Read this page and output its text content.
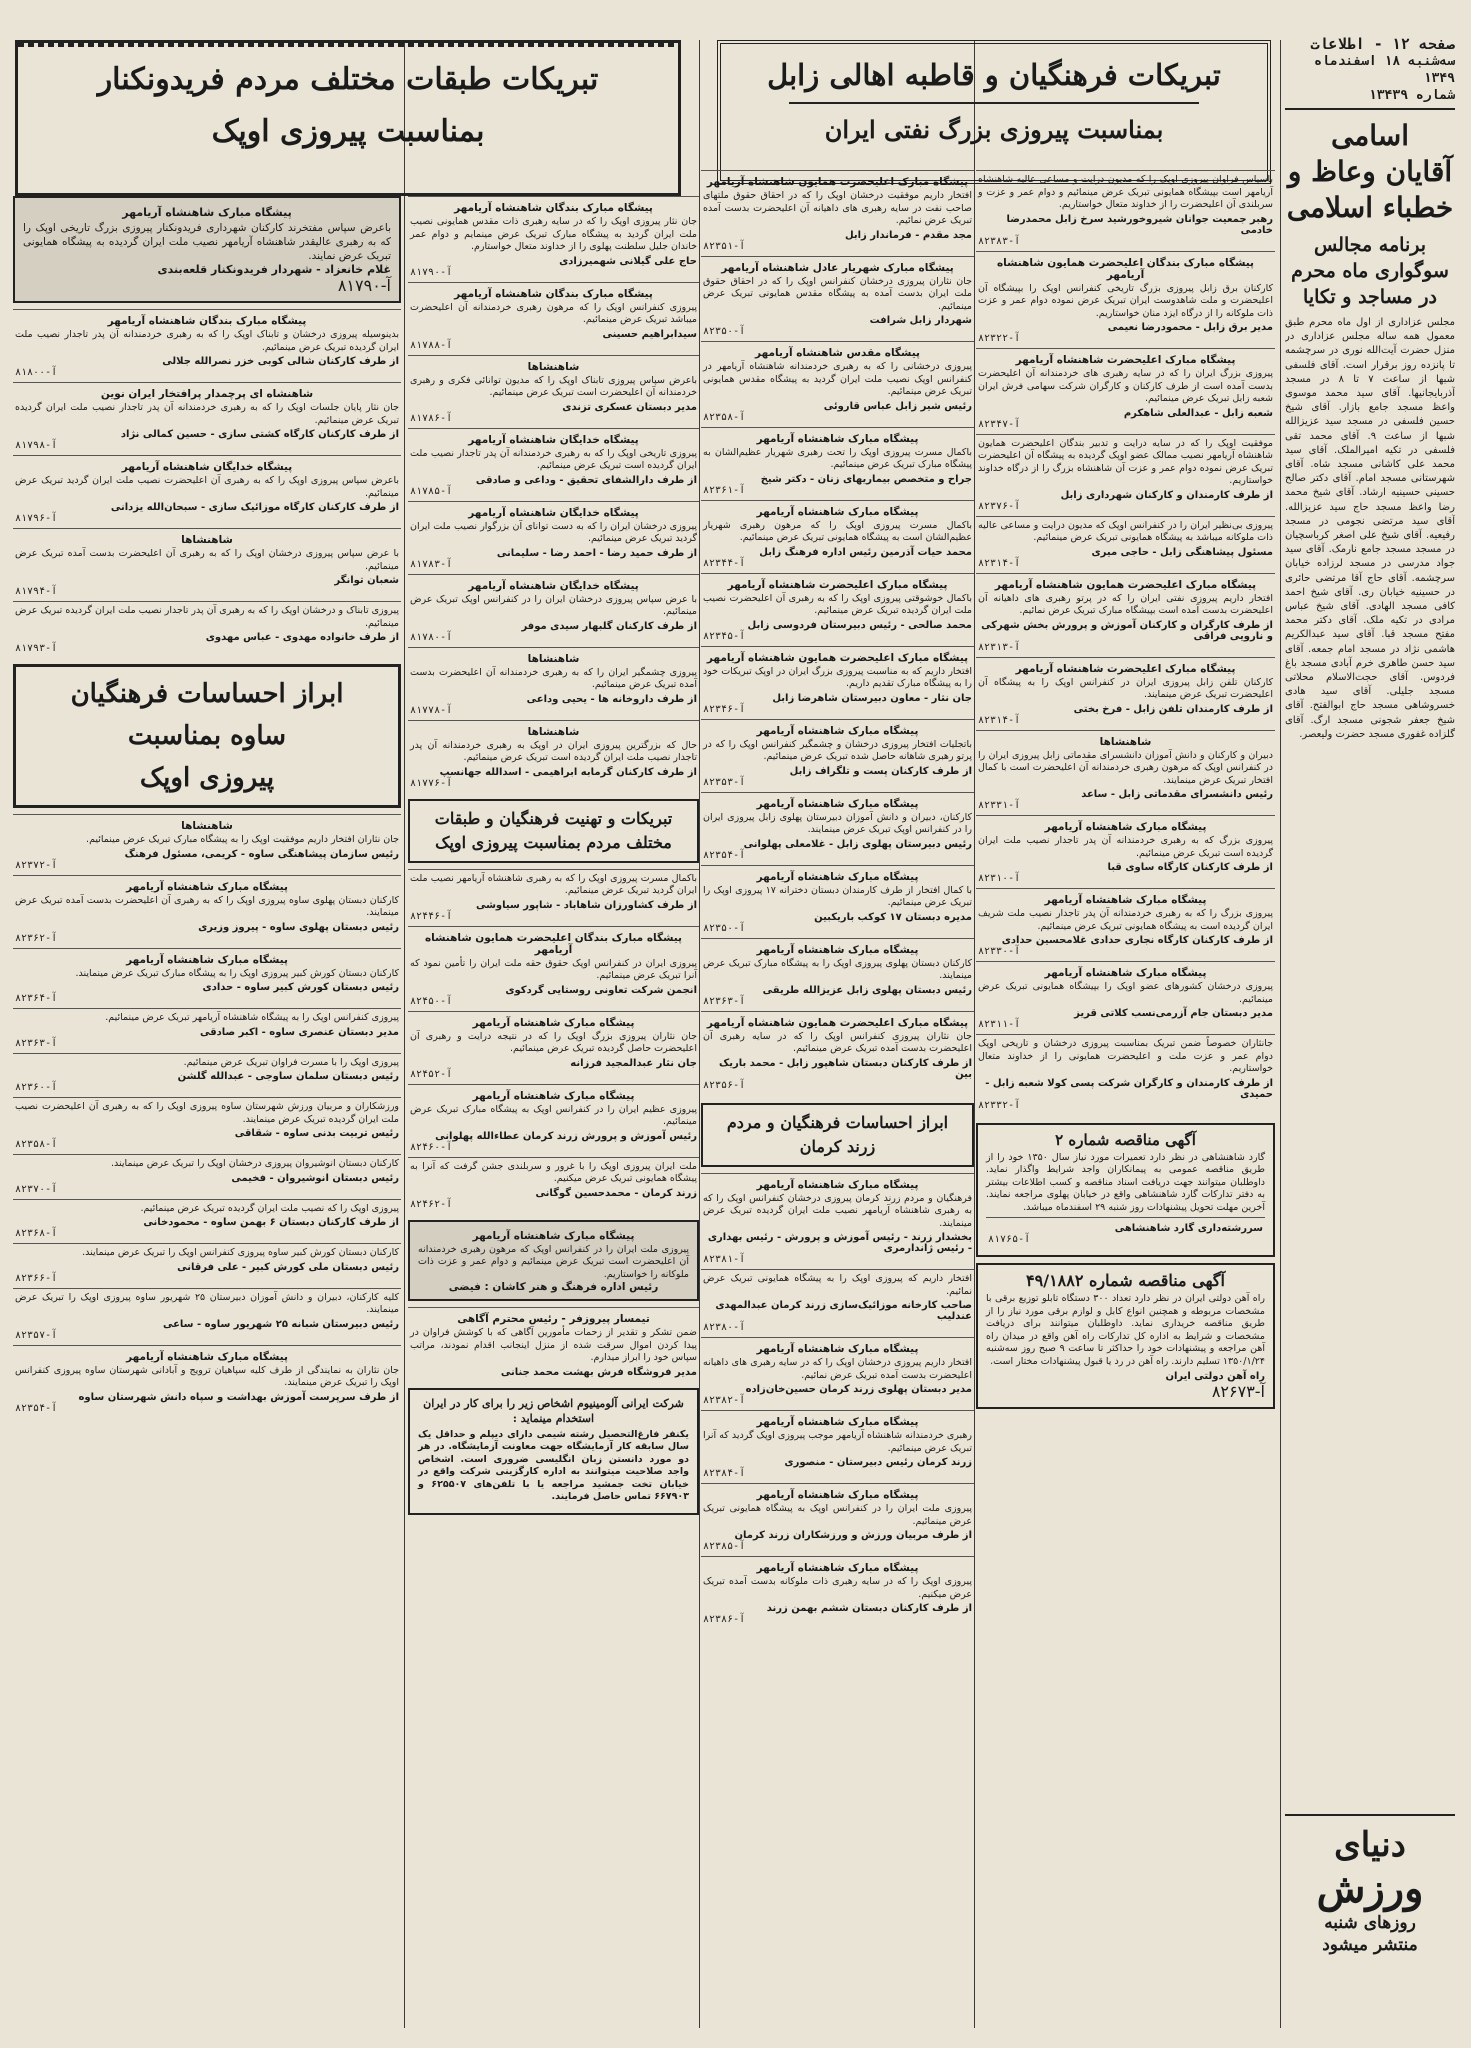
صفحه ۱۲ - اطلاعات
سه‌شنبه ۱۸ اسفندماه ۱۳۴۹
شماره ۱۳۴۳۹
اسامی
آقایان وعاظ و
خطباء اسلامی
برنامه مجالس
سوگواری ماه محرم
در مساجد و تکایا

مجلس عزاداری از اول ماه محرم طبق معمول همه ساله مجلس عزاداری در منزل حضرت آیت‌الله نوری در سرچشمه تا پانزده روز برقرار است. آقای فلسفی شبها از ساعت ۷ تا ۸ در مسجد آذربایجانیها. آقای سید محمد موسوی واعظ مسجد جامع بازار. آقای شیخ حسین فلسفی در مسجد سید عزیزالله شبها از ساعت ۹. آقای محمد تقی فلسفی در تکیه امیرالملک. آقای سید محمد علی کاشانی مسجد شاه. آقای شهرستانی مسجد امام. آقای دکتر صالح حسینی حسینیه ارشاد. آقای شیخ محمد رضا واعظ مسجد حاج سید عزیزالله. آقای سید مرتضی نجومی در مسجد رفیعیه. آقای شیخ علی اصغر کرباسچیان در مسجد مسجد جامع نارمک. آقای سید جواد مدرسی در مسجد لرزاده خیابان سرچشمه. آقای حاج آقا مرتضی حائری در حسینیه خیابان ری. آقای شیخ احمد کافی مسجد الهادی. آقای شیخ عباس مرادی در تکیه ملک. آقای دکتر محمد مفتح مسجد قبا. آقای سید عبدالکریم هاشمی نژاد در مسجد امام جمعه. آقای سید حسن طاهری خرم آبادی مسجد باغ فردوس. آقای حجت‌الاسلام محلاتی مسجد جلیلی. آقای سید هادی خسروشاهی مسجد حاج ابوالفتح. آقای شیخ جعفر شجونی مسجد ارگ. آقای گلزاده غفوری مسجد حضرت ولیعصر.

دنیای
ورزش
روزهای شنبه
منتشر میشود
تبریکات فرهنگیان و قاطبه اهالی زابل
بمناسبت پیروزی بزرگ نفتی ایران
تبریکات طبقات مختلف مردم فریدونکنار
بمناسبت پیروزی اوپک

باسپاس فراوان پیروزی اوپک را که مدیون درایت و مساعی عالیه شاهنشاه آریامهر است بپیشگاه همایونی تبریک عرض مینمائیم و دوام عمر و عزت و سربلندی آن اعلیحضرت را از خداوند متعال خواستاریم.

رهبر جمعیت جوانان شیروخورشید سرخ زابل محمدرضا خادمی
آ-۸۲۳۸۳
پیشگاه مبارک بندگان اعلیحضرت همایون شاهنشاه آریامهر

کارکنان برق زابل پیروزی بزرگ تاریخی کنفرانس اوپک را بپیشگاه آن اعلیحضرت و ملت شاهدوست ایران تبریک عرض نموده دوام عمر و عزت ذات ملوکانه را از درگاه ایزد منان خواستاریم.

مدیر برق زابل - محمودرضا نعیمی
آ-۸۲۳۲۲
پیشگاه مبارک اعلیحضرت شاهنشاه آریامهر

پیروزی بزرگ ایران را که در سایه رهبری های خردمندانه آن اعلیحضرت بدست آمده است از طرف کارکنان و کارگران شرکت سهامی فرش ایران شعبه زابل تبریک عرض مینمائیم.

شعبه زابل - عبدالعلی شاهکرم
آ-۸۲۳۴۷

موفقیت اوپک را که در سایه درایت و تدبیر بندگان اعلیحضرت همایون شاهنشاه آریامهر نصیب ممالک عضو اوپک گردیده به پیشگاه آن اعلیحضرت تبریک عرض نموده دوام عمر و عزت آن شاهنشاه بزرگ را از درگاه خداوند خواستاریم.

از طرف کارمندان و کارکنان شهرداری زابل
آ-۸۲۳۷۶

پیروزی بی‌نظیر ایران را در کنفرانس اوپک که مدیون درایت و مساعی عالیه ذات ملوکانه میباشد به پیشگاه همایونی تبریک عرض مینمائیم.

مسئول پیشاهنگی زابل - حاجی میری
آ-۸۲۳۱۴
پیشگاه مبارک اعلیحضرت همایون شاهنشاه آریامهر

افتخار داریم پیروزی نفتی ایران را که در پرتو رهبری های داهیانه آن اعلیحضرت بدست آمده است بپیشگاه مبارک تبریک عرض نمائیم.

از طرف کارگران و کارکنان آموزش و پرورش بخش شهرکی و نارویی فراقی
آ-۸۲۳۱۳
پیشگاه مبارک اعلیحضرت شاهنشاه آریامهر

کارکنان تلفن زابل پیروزی ایران در کنفرانس اوپک را به پیشگاه آن اعلیحضرت تبریک عرض مینمایند.

از طرف کارمندان تلفن زابل - فرخ بختی
آ-۸۲۳۱۴
شاهنشاها

دبیران و کارکنان و دانش آموزان دانشسرای مقدماتی زابل پیروزی ایران را در کنفرانس اوپک که مرهون رهبری خردمندانه آن اعلیحضرت است با کمال افتخار تبریک عرض مینمایند.

رئیس دانشسرای مقدماتی زابل - ساعد
آ-۸۲۳۳۱
پیشگاه مبارک شاهنشاه آریامهر

پیروزی بزرگ که به رهبری خردمندانه آن پدر تاجدار نصیب ملت ایران گردیده است تبریک عرض مینمائیم.

از طرف کارکنان کارگاه ساوی قبا
آ-۸۲۳۱۰
پیشگاه مبارک شاهنشاه آریامهر

پیروزی بزرگ را که به رهبری خردمندانه آن پدر تاجدار نصیب ملت شریف ایران گردیده است به پیشگاه همایونی تبریک عرض مینمائیم.

از طرف کارکنان کارگاه نجاری حدادی غلامحسین حدادی
آ-۸۲۳۳۰
پیشگاه مبارک شاهنشاه آریامهر

پیروزی درخشان کشورهای عضو اوپک را بپیشگاه همایونی تبریک عرض مینمائیم.

مدیر دبستان جام آزرمی‌نسب کلاتی قریز
آ-۸۲۳۱۱

جانثاران خصوصاً ضمن تبریک بمناسبت پیروزی درخشان و تاریخی اوپک دوام عمر و عزت ملت و اعلیحضرت همایونی را از خداوند متعال خواستاریم.

از طرف کارمندان و کارگران شرکت پسی کولا شعبه زابل - حمیدی
آ-۸۲۳۳۲
آگهی مناقصه شماره ۲

گارد شاهنشاهی در نظر دارد تعمیرات مورد نیاز سال ۱۳۵۰ خود را از طریق مناقصه عمومی به پیمانکاران واجد شرایط واگذار نماید. داوطلبان میتوانند جهت دریافت اسناد مناقصه و کسب اطلاعات بیشتر به دفتر تدارکات گارد شاهنشاهی واقع در خیابان پهلوی مراجعه نمایند. آخرین مهلت تحویل پیشنهادات روز شنبه ۲۹ اسفندماه میباشد.

سررشته‌داری گارد شاهنشاهی
آ-۸۱۷۶۵
آگهی مناقصه شماره ۴۹/۱۸۸۲

راه آهن دولتی ایران در نظر دارد تعداد ۳۰۰ دستگاه تابلو توزیع برقی با مشخصات مربوطه و همچنین انواع کابل و لوازم برقی مورد نیاز را از طریق مناقصه خریداری نماید. داوطلبان میتوانند برای دریافت مشخصات و شرایط به اداره کل تدارکات راه آهن واقع در میدان راه آهن مراجعه و پیشنهادات خود را حداکثر تا ساعت ۹ صبح روز سه‌شنبه ۱۳۵۰/۱/۲۴ تسلیم دارند. راه آهن در رد یا قبول پیشنهادات مختار است.

راه آهن دولتی ایران
آ-۸۲۶۷۳
پیشگاه مبارک اعلیحضرت همایون شاهنشاه آریامهر

افتخار داریم موفقیت درخشان اوپک را که در احقاق حقوق ملتهای صاحب نفت در سایه رهبری های داهیانه آن اعلیحضرت بدست آمده تبریک عرض نمائیم.

مجد مقدم - فرماندار زابل
آ-۸۲۳۵۱
پیشگاه مبارک شهریار عادل شاهنشاه آریامهر

جان نثاران پیروزی درخشان کنفرانس اوپک را که در احقاق حقوق ملت ایران بدست آمده به پیشگاه مقدس همایونی تبریک عرض مینمائیم.

شهردار زابل شرافت
آ-۸۲۳۵۰
پیشگاه مقدس شاهنشاه آریامهر

پیروزی درخشانی را که به رهبری خردمندانه شاهنشاه آریامهر در کنفرانس اوپک نصیب ملت ایران گردید به پیشگاه مقدس همایونی تبریک عرض مینمائیم.

رئیس شیر زابل عباس قاروئی
آ-۸۲۳۵۸
پیشگاه مبارک شاهنشاه آریامهر

باکمال مسرت پیروزی اوپک را تحت رهبری شهریار عظیم‌الشان به پیشگاه مبارک تبریک عرض مینمائیم.

جراح و متخصص بیماریهای زنان - دکتر شیخ
آ-۸۲۳۶۱
پیشگاه مبارک شاهنشاه آریامهر

باکمال مسرت پیروزی اوپک را که مرهون رهبری شهریار عظیم‌الشان است به پیشگاه همایونی تبریک عرض مینمائیم.

محمد حیات آذرمین رئیس اداره فرهنگ زابل
آ-۸۲۳۴۴
پیشگاه مبارک اعلیحضرت شاهنشاه آریامهر

باکمال خوشوقتی پیروزی اوپک را که به رهبری آن اعلیحضرت نصیب ملت ایران گردیده تبریک عرض مینمائیم.

محمد صالحی - رئیس دبیرستان فردوسی زابل
آ-۸۲۳۴۵
پیشگاه مبارک اعلیحضرت همایون شاهنشاه آریامهر

افتخار داریم که به مناسبت پیروزی بزرگ ایران در اوپک تبریکات خود را به پیشگاه مبارک تقدیم داریم.

جان نثار - معاون دبیرستان شاهرضا زابل
آ-۸۲۳۴۶
پیشگاه مبارک شاهنشاه آریامهر

باتجلیات افتخار پیروزی درخشان و چشمگیر کنفرانس اوپک را که در پرتو رهبری شاهانه حاصل شده تبریک عرض مینمائیم.

از طرف کارکنان پست و تلگراف زابل
آ-۸۲۳۵۳
پیشگاه مبارک شاهنشاه آریامهر

کارکنان، دبیران و دانش آموزان دبیرستان پهلوی زابل پیروزی ایران را در کنفرانس اوپک تبریک عرض مینمایند.

رئیس دبیرستان پهلوی زابل - غلامعلی پهلوانی
آ-۸۲۳۵۴
پیشگاه مبارک شاهنشاه آریامهر

با کمال افتخار از طرف کارمندان دبستان دخترانه ۱۷ پیروزی اوپک را تبریک عرض مینمائیم.

مدیره دبستان ۱۷ کوکب باریکبین
آ-۸۲۳۵۰
پیشگاه مبارک شاهنشاه آریامهر

کارکنان دبستان پهلوی پیروزی اوپک را به پیشگاه مبارک تبریک عرض مینمایند.

رئیس دبستان پهلوی زابل عزیزالله طریقی
آ-۸۲۳۶۳
پیشگاه مبارک اعلیحضرت همایون شاهنشاه آریامهر

جان نثاران پیروزی کنفرانس اوپک را که در سایه رهبری آن اعلیحضرت بدست آمده تبریک عرض مینمائیم.

از طرف کارکنان دبستان شاهپور زابل - محمد باریک بین
آ-۸۲۳۵۶
ابراز احساسات فرهنگیان و مردم زرند کرمان
پیشگاه مبارک شاهنشاه آریامهر

فرهنگیان و مردم زرند کرمان پیروزی درخشان کنفرانس اوپک را که به رهبری شاهنشاه آریامهر نصیب ملت ایران گردیده تبریک عرض مینمایند.

بخشدار زرند - رئیس آموزش و پرورش - رئیس بهداری - رئیس ژاندارمری
آ-۸۲۳۸۱

افتخار داریم که پیروزی اوپک را به پیشگاه همایونی تبریک عرض نمائیم.

صاحب کارخانه موزائیک‌سازی زرند کرمان عبدالمهدی عندلیب
آ-۸۲۳۸۰
پیشگاه مبارک شاهنشاه آریامهر

افتخار داریم پیروزی درخشان اوپک را که در سایه رهبری های داهیانه اعلیحضرت بدست آمده تبریک عرض نمائیم.

مدیر دبستان پهلوی زرند کرمان حسین‌خان‌زاده
آ-۸۲۳۸۲
پیشگاه مبارک شاهنشاه آریامهر

رهبری خردمندانه شاهنشاه آریامهر موجب پیروزی اوپک گردید که آنرا تبریک عرض مینمائیم.

زرند کرمان رئیس دبیرستان - منصوری
آ-۸۲۳۸۴
پیشگاه مبارک شاهنشاه آریامهر

پیروزی ملت ایران را در کنفرانس اوپک به پیشگاه همایونی تبریک عرض مینمائیم.

از طرف مربیان ورزش و ورزشکاران زرند کرمان
آ-۸۲۳۸۵
پیشگاه مبارک شاهنشاه آریامهر

پیروزی اوپک را که در سایه رهبری ذات ملوکانه بدست آمده تبریک عرض میکنیم.

از طرف کارکنان دبستان ششم بهمن زرند
آ-۸۲۳۸۶
پیشگاه مبارک بندگان شاهنشاه آریامهر

جان نثار پیروزی اوپک را که در سایه رهبری ذات مقدس همایونی نصیب ملت ایران گردید به پیشگاه مبارک تبریک عرض مینمایم و دوام عمر خاندان جلیل سلطنت پهلوی را از خداوند متعال خواستارم.

حاج علی گیلانی شهمیرزادی
آ-۸۱۷۹۰
پیشگاه مبارک بندگان شاهنشاه آریامهر

پیروزی کنفرانس اوپک را که مرهون رهبری خردمندانه آن اعلیحضرت میباشد تبریک عرض مینمائیم.

سیدابراهیم حسینی
آ-۸۱۷۸۸
شاهنشاها

باعرض سپاس پیروزی تابناک اوپک را که مدیون توانائی فکری و رهبری خردمندانه آن اعلیحضرت است تبریک عرض مینمائیم.

مدیر دبستان عسکری تزندی
آ-۸۱۷۸۶
پیشگاه خدایگان شاهنشاه آریامهر

پیروزی تاریخی اوپک را که به رهبری خردمندانه آن پدر تاجدار نصیب ملت ایران گردیده است تبریک عرض مینمائیم.

از طرف دارالشفای تحقیق - وداعی و صادقی
آ-۸۱۷۸۵
پیشگاه خدایگان شاهنشاه آریامهر

پیروزی درخشان ایران را که به دست توانای آن بزرگوار نصیب ملت ایران گردید تبریک عرض مینمائیم.

از طرف حمید رضا - احمد رضا - سلیمانی
آ-۸۱۷۸۳
پیشگاه خدایگان شاهنشاه آریامهر

با عرض سپاس پیروزی درخشان ایران را در کنفرانس اوپک تبریک عرض مینمائیم.

از طرف کارکنان گلبهار سیدی موفر
آ-۸۱۷۸۰
شاهنشاها

پیروزی چشمگیر ایران را که به رهبری خردمندانه آن اعلیحضرت بدست آمده تبریک عرض مینمائیم.

از طرف داروخانه ها - یحیی وداعی
آ-۸۱۷۷۸
شاهنشاها

حال که بزرگترین پیروزی ایران در اوپک به رهبری خردمندانه آن پدر تاجدار نصیب ملت ایران گردیده است تبریک عرض مینمائیم.

از طرف کارکنان گرمابه ابراهیمی - اسدالله جهانسپ
آ-۸۱۷۷۶
تبریکات و تهنیت فرهنگیان و طبقات مختلف مردم بمناسبت پیروزی اوپک

باکمال مسرت پیروزی اوپک را که به رهبری شاهنشاه آریامهر نصیب ملت ایران گردید تبریک عرض مینمائیم.

از طرف کشاورزان شاهاباد - شاپور سیاوشی
آ-۸۲۴۴۶
پیشگاه مبارک بندگان اعلیحضرت همایون شاهنشاه آریامهر

پیروزی ایران در کنفرانس اوپک حقوق حقه ملت ایران را تأمین نمود که آنرا تبریک عرض مینمائیم.

انجمن شرکت تعاونی روستایی گردکوی
آ-۸۲۴۵۰
پیشگاه مبارک شاهنشاه آریامهر

جان نثاران پیروزی بزرگ اوپک را که در نتیجه درایت و رهبری آن اعلیحضرت حاصل گردیده تبریک عرض مینمائیم.

جان نثار عبدالمجید فرزانه
آ-۸۲۴۵۲
پیشگاه مبارک شاهنشاه آریامهر

پیروزی عظیم ایران را در کنفرانس اوپک به پیشگاه مبارک تبریک عرض مینمائیم.

رئیس آموزش و پرورش زرند کرمان عطاءالله پهلوانی
آ-۸۲۴۶۰

ملت ایران پیروزی اوپک را با غرور و سربلندی جشن گرفت که آنرا به پیشگاه همایونی تبریک عرض میکنیم.

زرند کرمان - محمدحسین گوگانی
آ-۸۲۴۶۲
پیشگاه مبارک شاهنشاه آریامهر

پیروزی ملت ایران را در کنفرانس اوپک که مرهون رهبری خردمندانه آن اعلیحضرت است تبریک عرض مینمائیم و دوام عمر و عزت ذات ملوکانه را خواستاریم.

رئیس اداره فرهنگ و هنر کاشان : فیضی
تیمسار پیروزفر - رئیس محترم آگاهی

ضمن تشکر و تقدیر از زحمات مأمورین آگاهی که با کوشش فراوان در پیدا کردن اموال سرقت شده از منزل اینجانب اقدام نمودند، مراتب سپاس خود را ابراز میدارم.

مدیر فروشگاه فرش بهشت محمد جنانی
شرکت ایرانی آلومینیوم اشخاص زیر را برای کار در ایران استخدام مینماید :

یکنفر فارغ‌التحصیل رشته شیمی دارای دیپلم و حداقل یک سال سابقه کار آزمایشگاه جهت معاونت آزمایشگاه. در هر دو مورد دانستن زبان انگلیسی ضروری است. اشخاص واجد صلاحیت میتوانند به اداره کارگزینی شرکت واقع در خیابان تخت جمشید مراجعه یا با تلفن‌های ۶۲۵۵۰۷ و ۶۶۷۹۰۳ تماس حاصل فرمایند.

پیشگاه مبارک شاهنشاه آریامهر

باعرض سپاس مفتخرند کارکنان شهرداری فریدونکنار پیروزی بزرگ تاریخی اوپک را که به رهبری عالیقدر شاهنشاه آریامهر نصیب ملت ایران گردیده به پیشگاه همایونی تبریک عرض نمایند.

غلام خانعزاد - شهردار فریدونکنار قلعه‌بندی
آ-۸۱۷۹۰
پیشگاه مبارک بندگان شاهنشاه آریامهر

بدینوسیله پیروزی درخشان و تابناک اوپک را که به رهبری خردمندانه آن پدر تاجدار نصیب ملت ایران گردیده تبریک عرض مینمائیم.

از طرف کارکنان شالی کوبی خزر نصرالله جلالی
آ-۸۱۸۰۰
شاهنشاه ای پرچمدار پرافتخار ایران نوین

جان نثار پایان جلسات اوپک را که به رهبری خردمندانه آن پدر تاجدار نصیب ملت ایران گردیده تبریک عرض مینمائیم.

از طرف کارکنان کارگاه کشتی سازی - حسین کمالی نژاد
آ-۸۱۷۹۸
پیشگاه خدایگان شاهنشاه آریامهر

باعرض سپاس پیروزی اوپک را که به رهبری آن اعلیحضرت نصیب ملت ایران گردید تبریک عرض مینمائیم.

از طرف کارکنان کارگاه موزائیک سازی - سبحان‌الله یزدانی
آ-۸۱۷۹۶
شاهنشاها

با عرض سپاس پیروزی درخشان اوپک را که به رهبری آن اعلیحضرت بدست آمده تبریک عرض مینمائیم.

شعبان توانگر
آ-۸۱۷۹۴

پیروزی تابناک و درخشان اوپک را که به رهبری آن پدر تاجدار نصیب ملت ایران گردیده تبریک عرض مینمائیم.

از طرف خانواده مهدوی - عباس مهدوی
آ-۸۱۷۹۳
ابراز احساسات فرهنگیان
ساوه بمناسبت
پیروزی اوپک
شاهنشاها

جان نثاران افتخار داریم موفقیت اوپک را به پیشگاه مبارک تبریک عرض مینمائیم.

رئیس سازمان پیشاهنگی ساوه - کریمی، مسئول فرهنگ
آ-۸۲۳۷۲
پیشگاه مبارک شاهنشاه آریامهر

کارکنان دبستان پهلوی ساوه پیروزی اوپک را که به رهبری آن اعلیحضرت بدست آمده تبریک عرض مینمایند.

رئیس دبستان پهلوی ساوه - پیروز وزیری
آ-۸۲۳۶۲
پیشگاه مبارک شاهنشاه آریامهر

کارکنان دبستان کورش کبیر پیروزی اوپک را به پیشگاه مبارک تبریک عرض مینمایند.

رئیس دبستان کورش کبیر ساوه - حدادی
آ-۸۲۳۶۴

پیروزی کنفرانس اوپک را به پیشگاه شاهنشاه آریامهر تبریک عرض مینمائیم.

مدیر دبستان عنصری ساوه - اکبر صادقی
آ-۸۲۳۶۳

پیروزی اوپک را با مسرت فراوان تبریک عرض مینمائیم.

رئیس دبستان سلمان ساوجی - عبدالله گلشن
آ-۸۲۳۶۰

ورزشکاران و مربیان ورزش شهرستان ساوه پیروزی اوپک را که به رهبری آن اعلیحضرت نصیب ملت ایران گردیده تبریک عرض مینمایند.

رئیس تربیت بدنی ساوه - شقاقی
آ-۸۲۳۵۸

کارکنان دبستان انوشیروان پیروزی درخشان اوپک را تبریک عرض مینمایند.

رئیس دبستان انوشیروان - فخیمی
آ-۸۲۳۷۰

پیروزی اوپک را که نصیب ملت ایران گردیده تبریک عرض مینمائیم.

از طرف کارکنان دبستان ۶ بهمن ساوه - محمودخانی
آ-۸۲۳۶۸

کارکنان دبستان کورش کبیر ساوه پیروزی کنفرانس اوپک را تبریک عرض مینمایند.

رئیس دبستان ملی کورش کبیر - علی فرقانی
آ-۸۲۳۶۶

کلیه کارکنان، دبیران و دانش آموزان دبیرستان ۲۵ شهریور ساوه پیروزی اوپک را تبریک عرض مینمایند.

رئیس دبیرستان شبانه ۲۵ شهریور ساوه - ساعی
آ-۸۲۳۵۷
پیشگاه مبارک شاهنشاه آریامهر

جان نثاران به نمایندگی از طرف کلیه سپاهیان ترویج و آبادانی شهرستان ساوه پیروزی کنفرانس اوپک را تبریک عرض مینمایند.

از طرف سرپرست آموزش بهداشت و سپاه دانش شهرستان ساوه
آ-۸۲۳۵۴
